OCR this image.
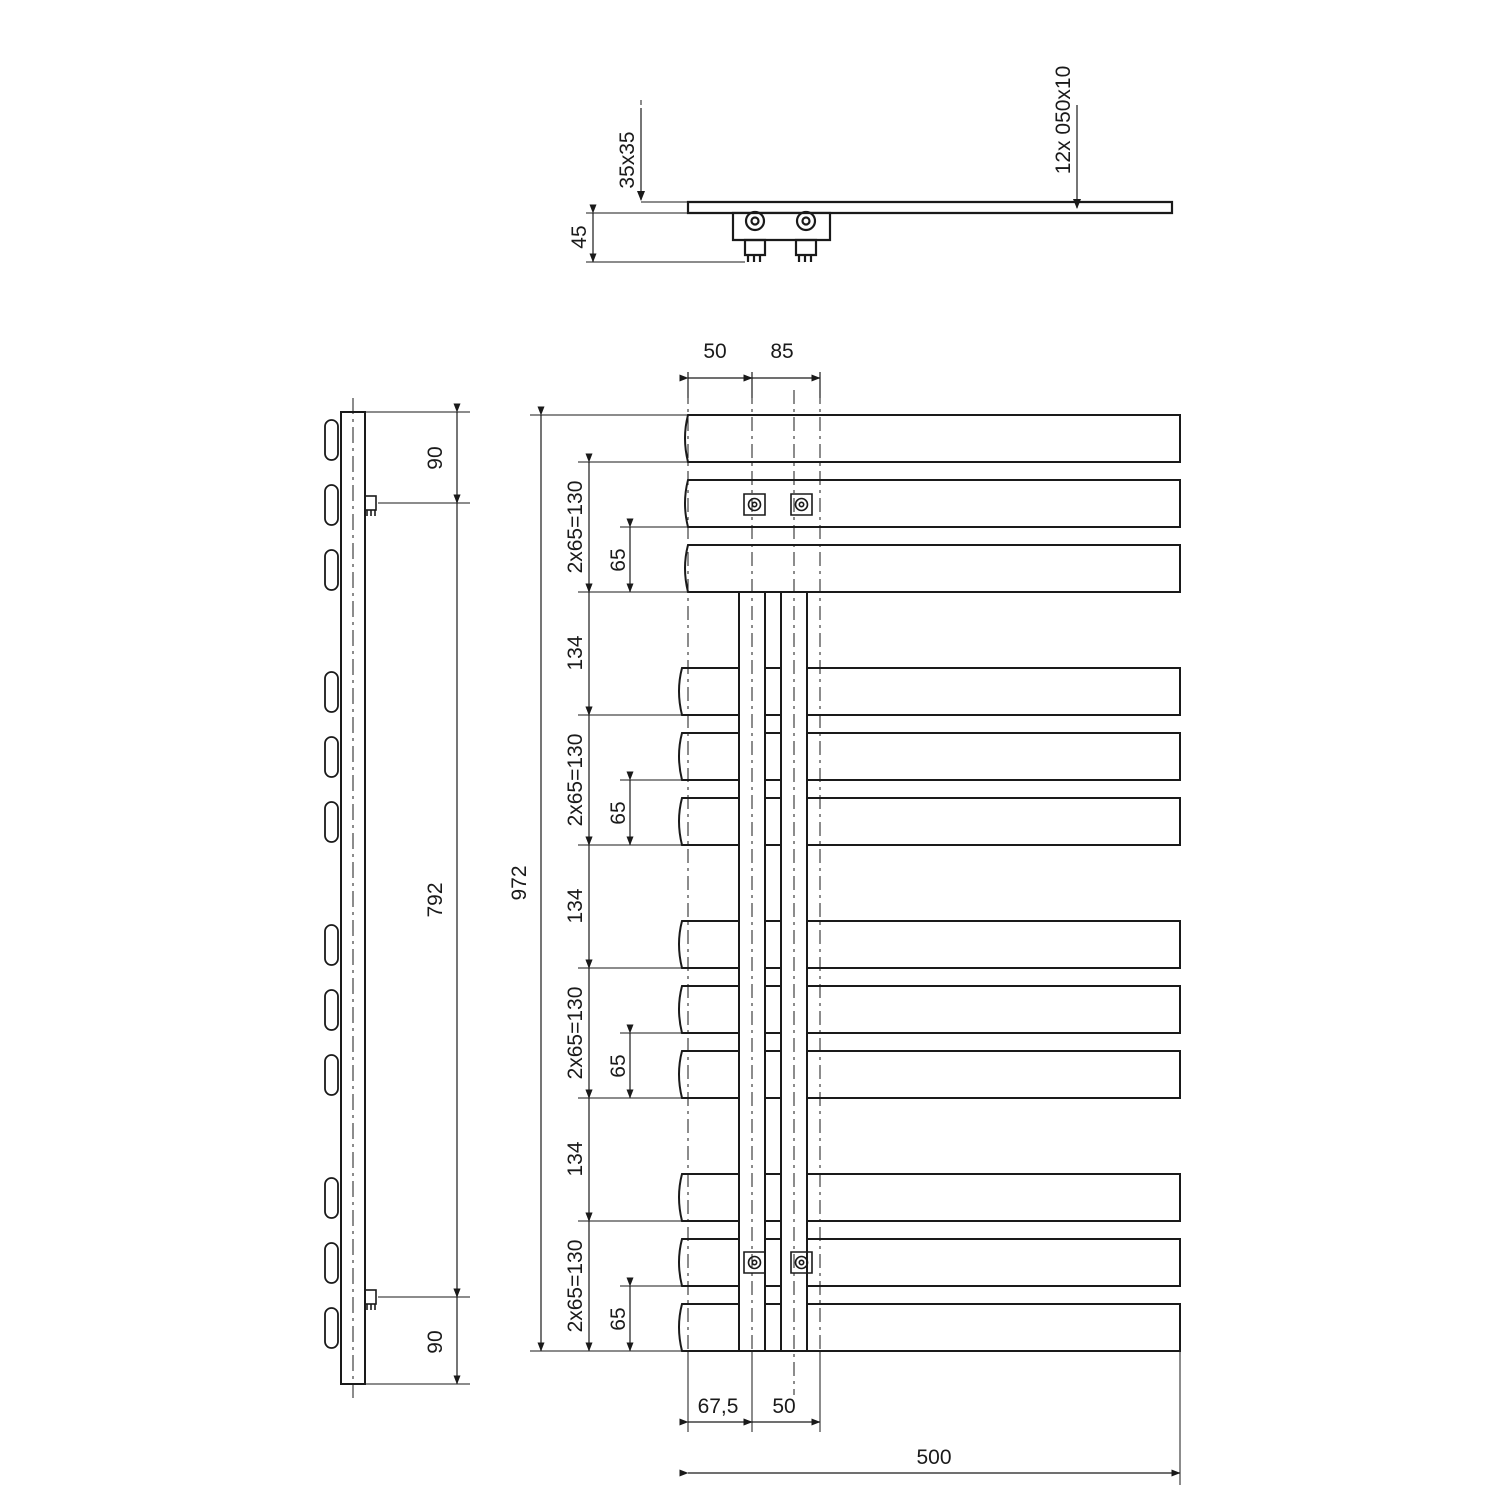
35x35
45
12x 050x10
90
792
90
50 85
972
2x65=130 65
134
2x65=130 65
134
2x65=130 65
134
2x65=130 65
67,5 50
500
